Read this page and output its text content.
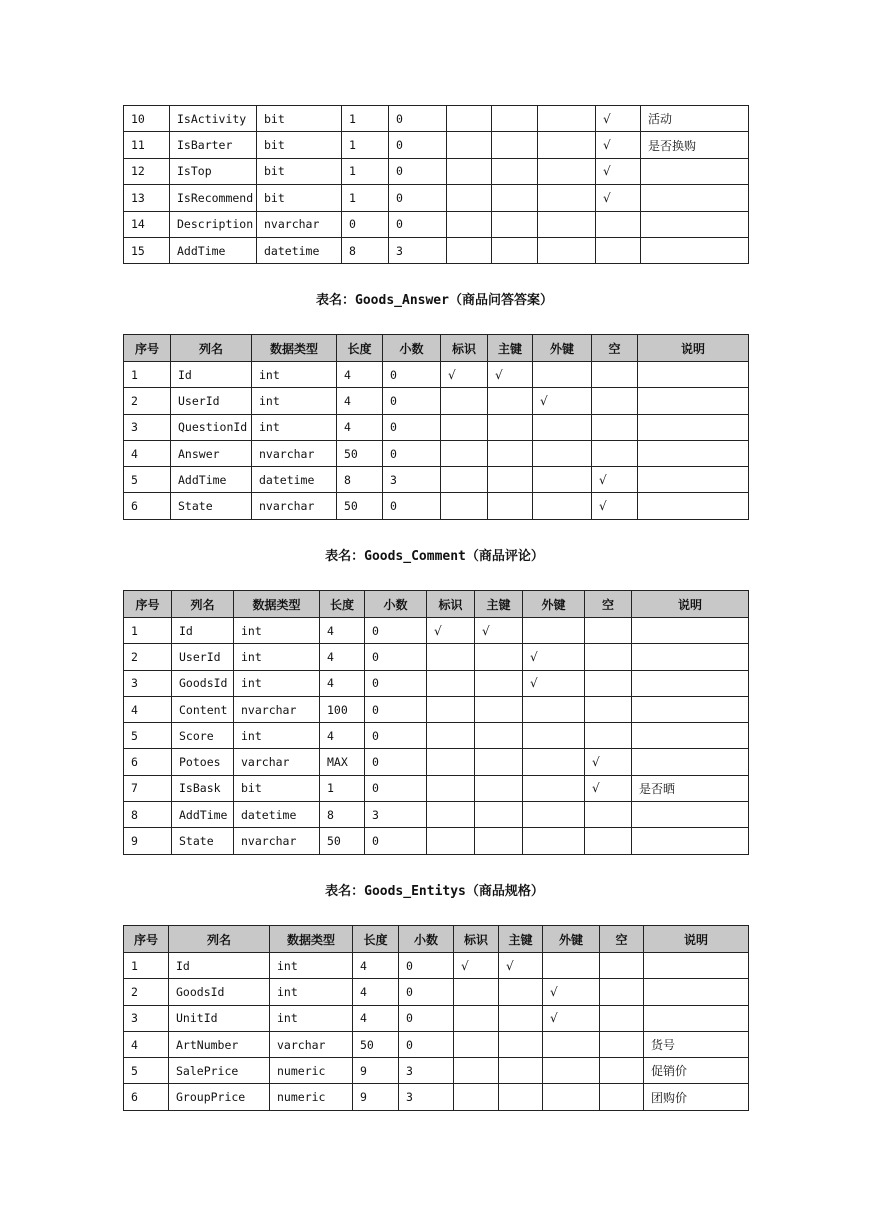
10	IsActivity	bit	1	0				√	活动
11	IsBarter	bit	1	0				√	是否换购
12	IsTop	bit	1	0				√	
13	IsRecommend	bit	1	0				√	
14	Description	nvarchar	0	0					
15	AddTime	datetime	8	3					
表名：Goods_Answer（商品问答答案）
序号	列名	数据类型	长度	小数	标识	主键	外键	空	说明
1	Id	int	4	0	√	√			
2	UserId	int	4	0			√		
3	QuestionId	int	4	0					
4	Answer	nvarchar	50	0					
5	AddTime	datetime	8	3				√	
6	State	nvarchar	50	0				√	
表名：Goods_Comment（商品评论）
序号	列名	数据类型	长度	小数	标识	主键	外键	空	说明
1	Id	int	4	0	√	√			
2	UserId	int	4	0			√		
3	GoodsId	int	4	0			√		
4	Content	nvarchar	100	0					
5	Score	int	4	0					
6	Potoes	varchar	MAX	0				√	
7	IsBask	bit	1	0				√	是否晒
8	AddTime	datetime	8	3					
9	State	nvarchar	50	0					
表名：Goods_Entitys（商品规格）
序号	列名	数据类型	长度	小数	标识	主键	外键	空	说明
1	Id	int	4	0	√	√			
2	GoodsId	int	4	0			√		
3	UnitId	int	4	0			√		
4	ArtNumber	varchar	50	0					货号
5	SalePrice	numeric	9	3					促销价
6	GroupPrice	numeric	9	3					团购价
